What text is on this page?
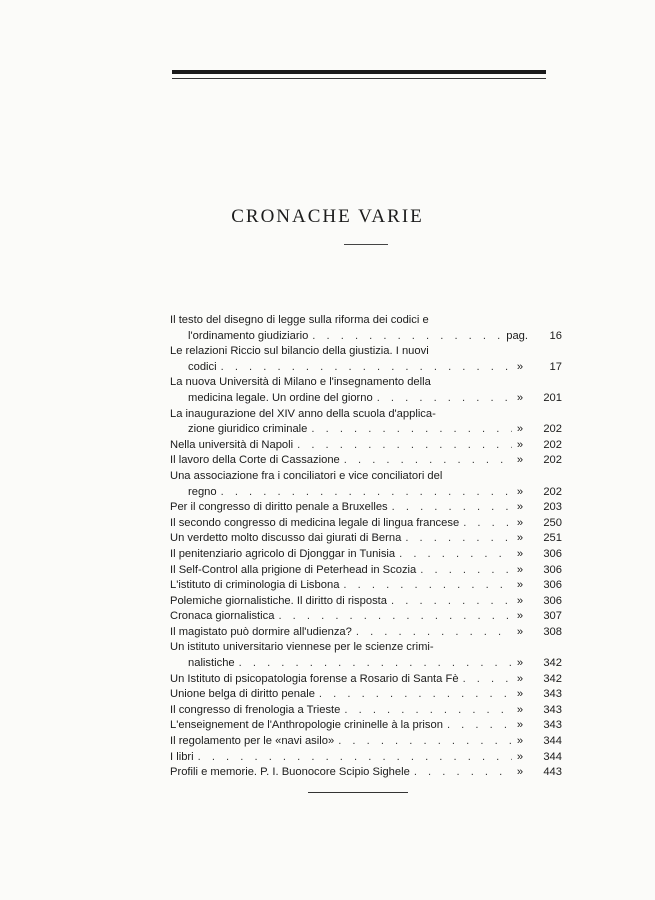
CRONACHE VARIE
Il testo del disegno di legge sulla riforma dei codici e
l'ordinamento giudiziario . . .	pag.	16
Le relazioni Riccio sul bilancio della giustizia. I nuovi
codici . . .	»	17
La nuova Università di Milano e l'insegnamento della
medicina legale. Un ordine del giorno . . .	»	201
La inaugurazione del XIV anno della scuola d'applica-
zione giuridico criminale . . .	»	202
Nella università di Napoli . . .	»	202
Il lavoro della Corte di Cassazione . . .	»	202
Una associazione fra i conciliatori e vice conciliatori del
regno . . .	»	202
Per il congresso di diritto penale a Bruxelles . . .	»	203
Il secondo congresso di medicina legale di lingua francese . . .	»	250
Un verdetto molto discusso dai giurati di Berna . . .	»	251
Il penitenziario agricolo di Djonggar in Tunisia . . .	»	306
Il Self-Control alla prigione di Peterhead in Scozia . . .	»	306
L'istituto di criminologia di Lisbona . . .	»	306
Polemiche giornalistiche. Il diritto di risposta . . .	»	306
Cronaca giornalistica . . .	»	307
Il magistato può dormire all'udienza? . . .	»	308
Un istituto universitario viennese per le scienze crimi-
nalistiche . . .	»	342
Un Istituto di psicopatologia forense a Rosario di Santa Fè . . .	»	342
Unione belga di diritto penale . . .	»	343
Il congresso di frenologia a Trieste . . .	»	343
L'enseignement de l'Anthropologie crininelle à la prison . . .	»	343
Il regolamento per le «navi asilo» . . .	»	344
I libri . . .	»	344
Profili e memorie. P. I. Buonocore Scipio Sighele . . .	»	443
